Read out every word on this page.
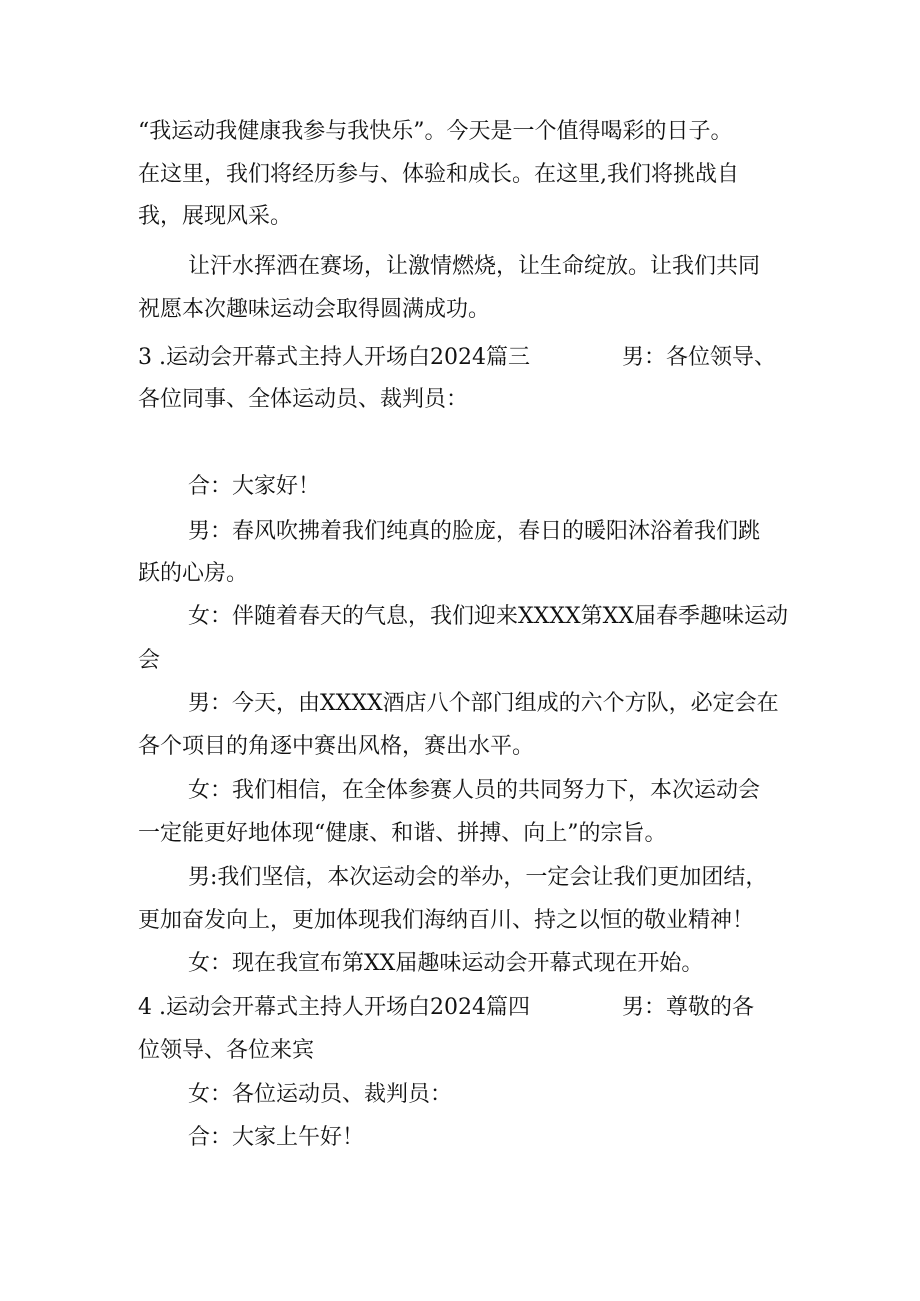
“我运动我健康我参与我快乐”。今天是一个值得喝彩的日子。
在这里，我们将经历参与、体验和成长。在这里,我们将挑战自
我，展现风采。
让汗水挥洒在赛场，让激情燃烧，让生命绽放。让我们共同
祝愿本次趣味运动会取得圆满成功。
3 .运动会开幕式主持人开场白2024篇三	男：各位领导、
各位同事、全体运动员、裁判员：
合：大家好！
男：春风吹拂着我们纯真的脸庞，春日的暖阳沐浴着我们跳
跃的心房。
女：伴随着春天的气息，我们迎来XXXX第XX届春季趣味运动
会
男：今天，由XXXX酒店八个部门组成的六个方队，必定会在
各个项目的角逐中赛出风格，赛出水平。
女：我们相信，在全体参赛人员的共同努力下，本次运动会
一定能更好地体现“健康、和谐、拼搏、向上”的宗旨。
男:我们坚信，本次运动会的举办，一定会让我们更加团结，
更加奋发向上，更加体现我们海纳百川、持之以恒的敬业精神！
女：现在我宣布第XX届趣味运动会开幕式现在开始。
4 .运动会开幕式主持人开场白2024篇四	男：尊敬的各
位领导、各位来宾
女：各位运动员、裁判员：
合：大家上午好！
